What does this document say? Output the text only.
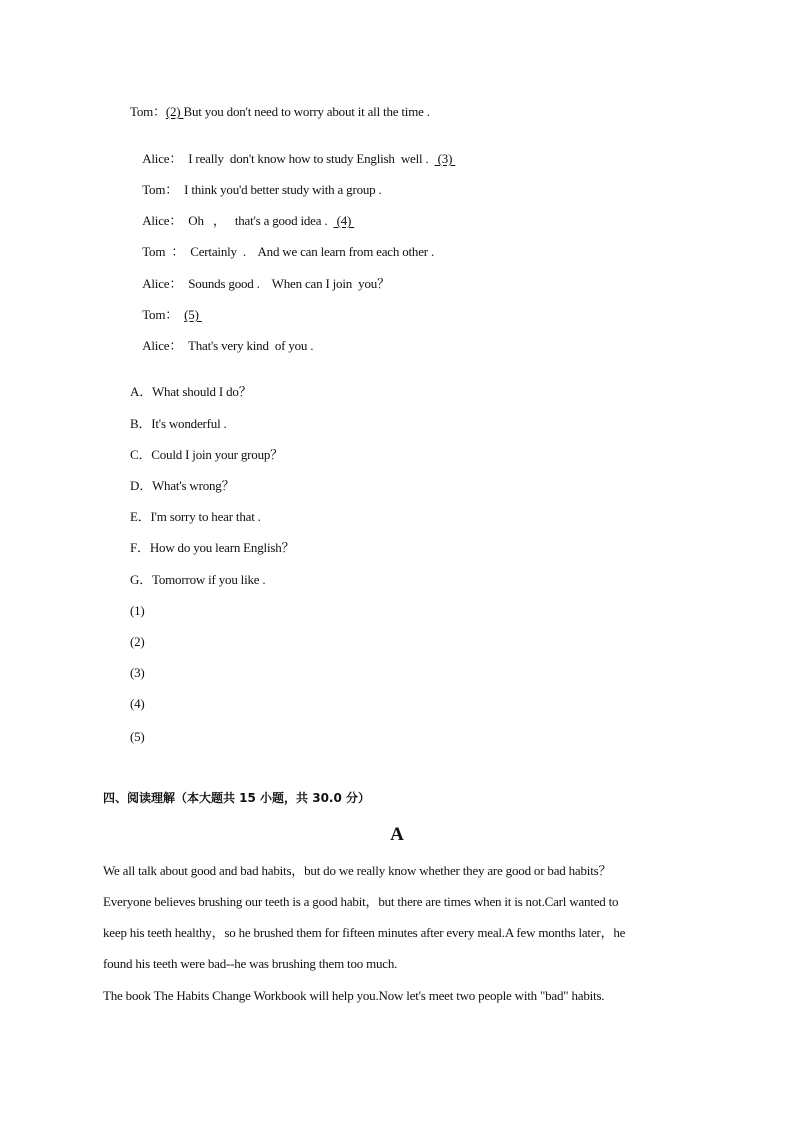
Tom：(2) But you don't need to worry about it all the time .

Alice：  I really  don't know how to study English  well .   (3)

Tom：  I think you'd better study with a group .

Alice：  Oh   ，   that's a good idea .   (4)

Tom  ：  Certainly  .    And we can learn from each other .

Alice：  Sounds good .    When can I join  you？

Tom： (5)

Alice：  That's very kind  of you .

A．What should I do？
B．It's wonderful .
C．Could I join your group？
D．What's wrong？
E．I'm sorry to hear that .
F．How do you learn English？
G．Tomorrow if you like .
(1)
(2)
(3)
(4)
(5)
四、阅读理解（本大题共 15 小题，共 30.0 分）
A
We all talk about good and bad habits，but do we really know whether they are good or bad habits？
Everyone believes brushing our teeth is a good habit，but there are times when it is not.Carl wanted to
keep his teeth healthy，so he brushed them for fifteen minutes after every meal.A few months later，he
found his teeth were bad--he was brushing them too much.
The book The Habits Change Workbook will help you.Now let's meet two people with "bad" habits.
